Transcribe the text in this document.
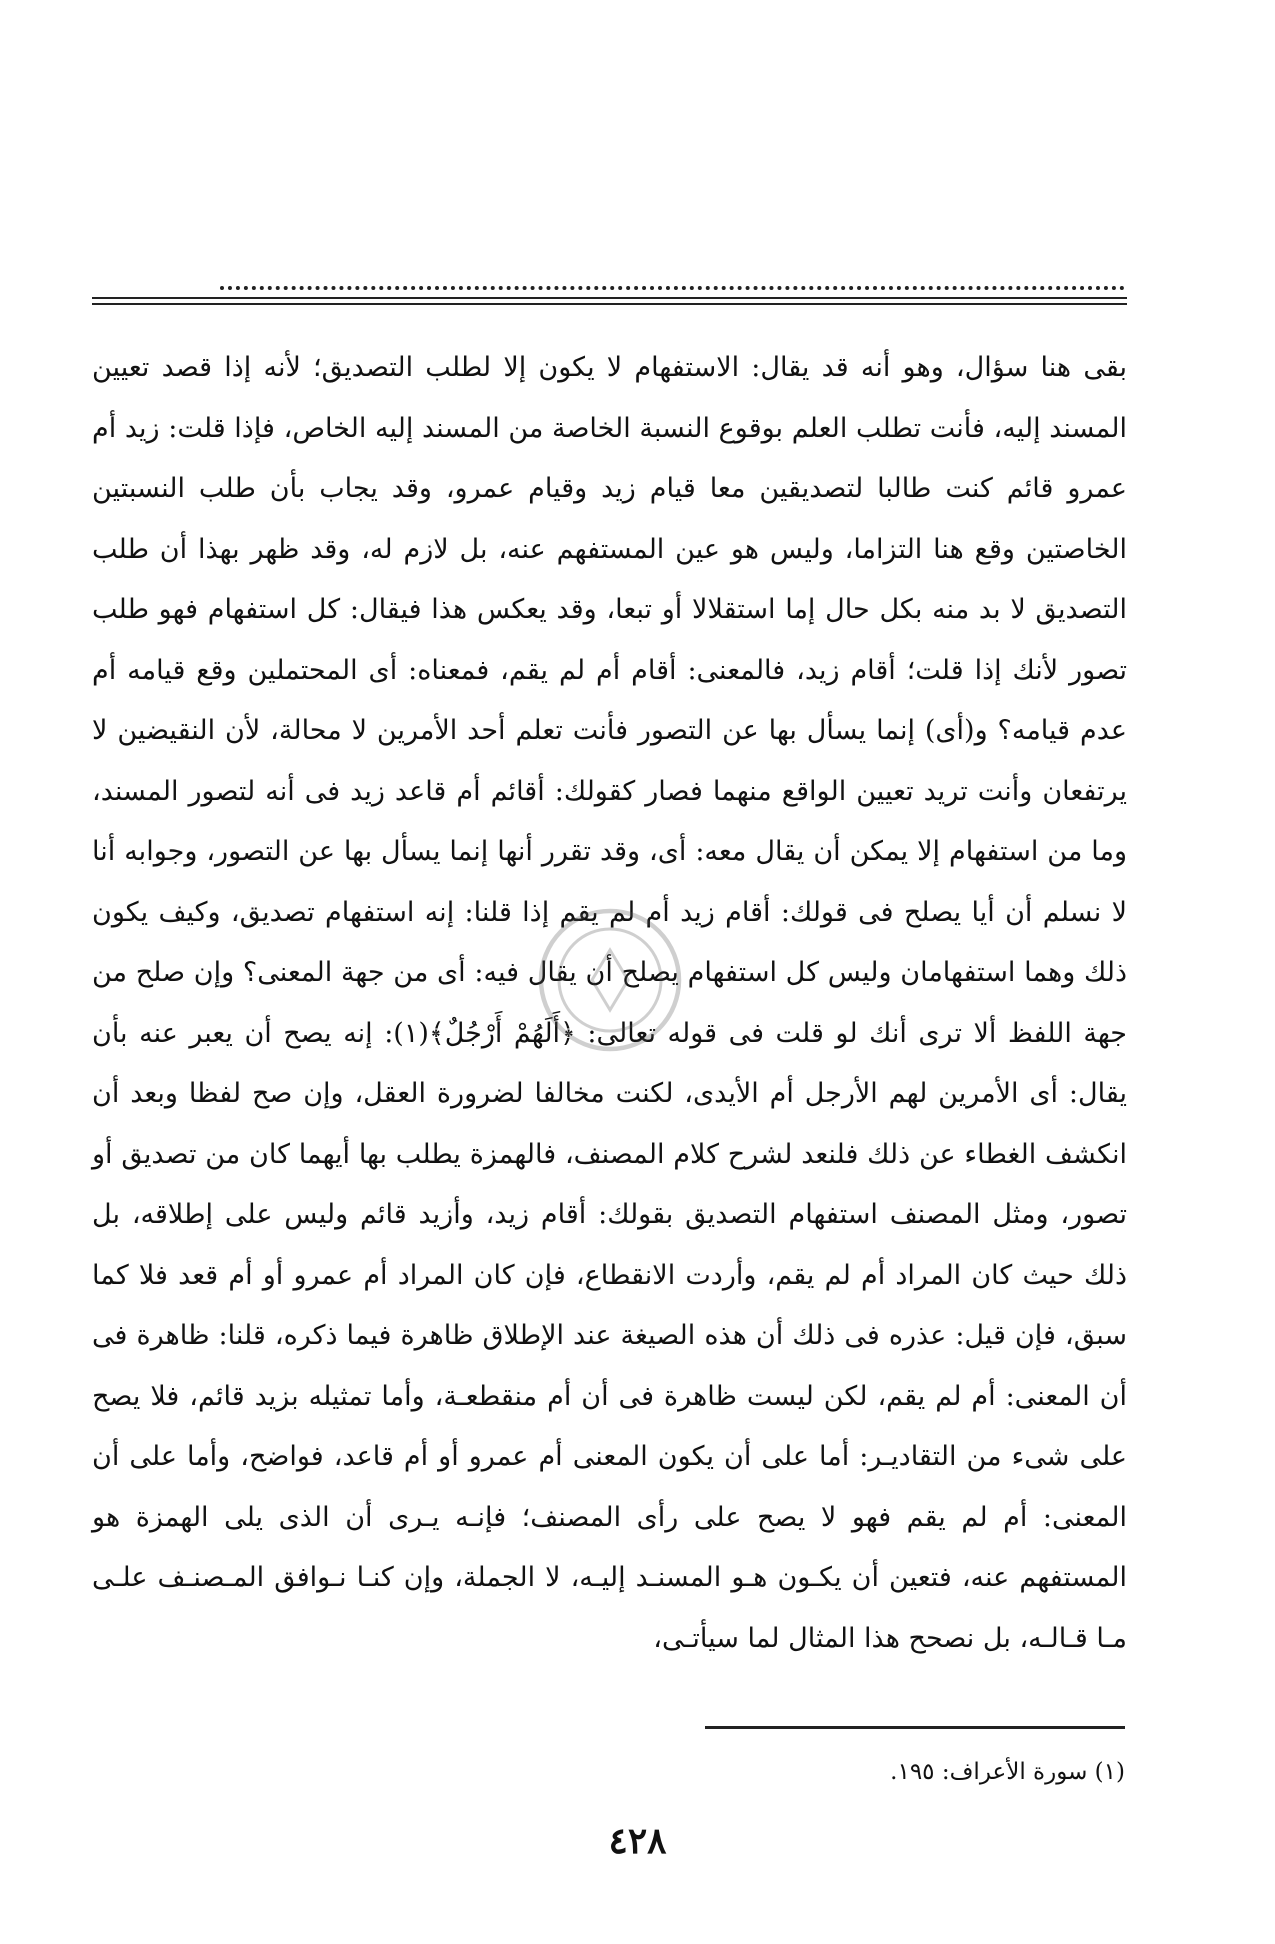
بقى هنا سؤال، وهو أنه قد يقال: الاستفهام لا يكون إلا لطلب التصديق؛ لأنه إذا قصد تعيين المسند إليه، فأنت تطلب العلم بوقوع النسبة الخاصة من المسند إليه الخاص، فإذا قلت: زيد أم عمرو قائم كنت طالبا لتصديقين معا قيام زيد وقيام عمرو، وقد يجاب بأن طلب النسبتين الخاصتين وقع هنا التزاما، وليس هو عين المستفهم عنه، بل لازم له، وقد ظهر بهذا أن طلب التصديق لا بد منه بكل حال إما استقلالا أو تبعا، وقد يعكس هذا فيقال: كل استفهام فهو طلب تصور لأنك إذا قلت؛ أقام زيد، فالمعنى: أقام أم لم يقم، فمعناه: أى المحتملين وقع قيامه أم عدم قيامه؟ و(أى) إنما يسأل بها عن التصور فأنت تعلم أحد الأمرين لا محالة، لأن النقيضين لا يرتفعان وأنت تريد تعيين الواقع منهما فصار كقولك: أقائم أم قاعد زيد فى أنه لتصور المسند، وما من استفهام إلا يمكن أن يقال معه: أى، وقد تقرر أنها إنما يسأل بها عن التصور، وجوابه أنا لا نسلم أن أيا يصلح فى قولك: أقام زيد أم لم يقم إذا قلنا: إنه استفهام تصديق، وكيف يكون ذلك وهما استفهامان وليس كل استفهام يصلح أن يقال فيه: أى من جهة المعنى؟ وإن صلح من جهة اللفظ ألا ترى أنك لو قلت فى قوله تعالى: ﴿أَلَهُمْ أَرْجُلٌ﴾(١): إنه يصح أن يعبر عنه بأن يقال: أى الأمرين لهم الأرجل أم الأيدى، لكنت مخالفا لضرورة العقل، وإن صح لفظا وبعد أن انكشف الغطاء عن ذلك فلنعد لشرح كلام المصنف، فالهمزة يطلب بها أيهما كان من تصديق أو تصور، ومثل المصنف استفهام التصديق بقولك: أقام زيد، وأزيد قائم وليس على إطلاقه، بل ذلك حيث كان المراد أم لم يقم، وأردت الانقطاع، فإن كان المراد أم عمرو أو أم قعد فلا كما سبق، فإن قيل: عذره فى ذلك أن هذه الصيغة عند الإطلاق ظاهرة فيما ذكره، قلنا: ظاهرة فى أن المعنى: أم لم يقم، لكن ليست ظاهرة فى أن أم منقطعـة، وأما تمثيله بزيد قائم، فلا يصح على شىء من التقاديـر: أما على أن يكون المعنى أم عمرو أو أم قاعد، فواضح، وأما على أن المعنى: أم لم يقم فهو لا يصح على رأى المصنف؛ فإنـه يـرى أن الذى يلى الهمزة هو المستفهم عنه، فتعين أن يكـون هـو المسنـد إليـه، لا الجملة، وإن كنـا نـوافق المـصنـف علـى مـا قـالـه، بل نصحح هذا المثال لما سيأتـى،

(١) سورة الأعراف: ١٩٥.
٤٢٨
